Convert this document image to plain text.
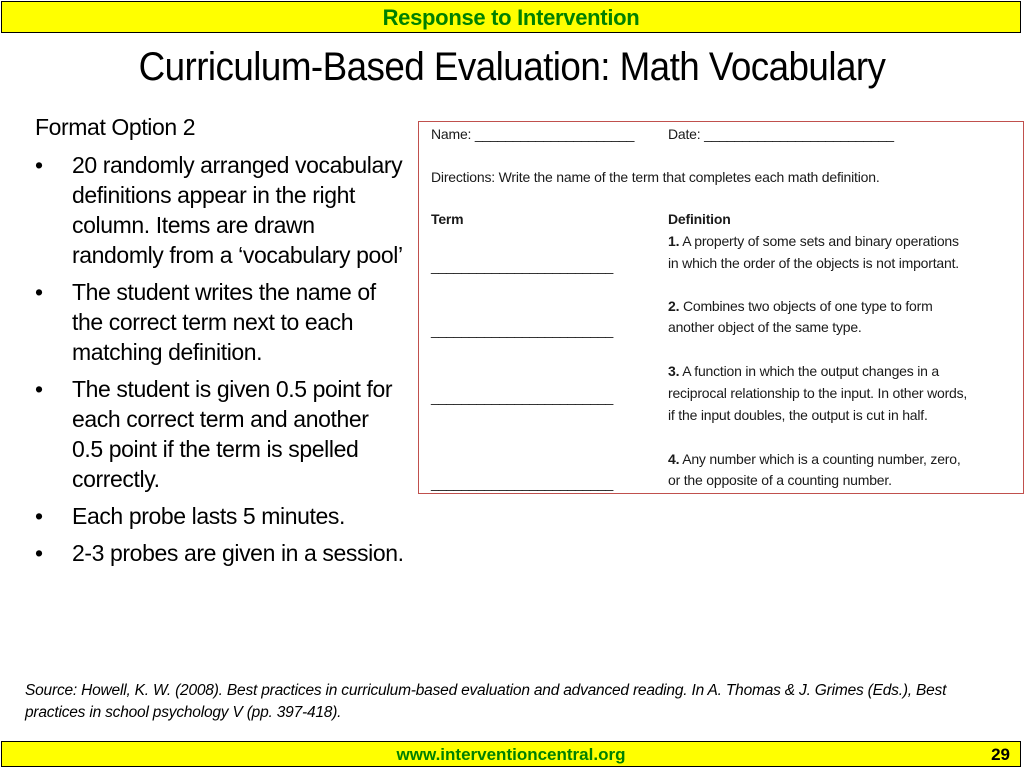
Response to Intervention
Curriculum-Based Evaluation: Math Vocabulary
Format Option 2
• 20 randomly arranged vocabulary definitions appear in the right column. Items are drawn randomly from a ‘vocabulary pool’
• The student writes the name of the correct term next to each matching definition.
• The student is given 0.5 point for each correct term and another 0.5 point if the term is spelled correctly.
• Each probe lasts 5 minutes.
• 2-3 probes are given in a session.
Name: _____________________ Date: _________________________
Directions: Write the name of the term that completes each math definition.
Term	Definition
________________________
1. A property of some sets and binary operations
in which the order of the objects is not important.
________________________
2. Combines two objects of one type to form
another object of the same type.
________________________
3. A function in which the output changes in a
reciprocal relationship to the input. In other words,
if the input doubles, the output is cut in half.
________________________
4. Any number which is a counting number, zero,
or the opposite of a counting number.
Source: Howell, K. W. (2008). Best practices in curriculum-based evaluation and advanced reading. In A. Thomas & J. Grimes (Eds.), Best practices in school psychology V (pp. 397-418).
www.interventioncentral.org	29
